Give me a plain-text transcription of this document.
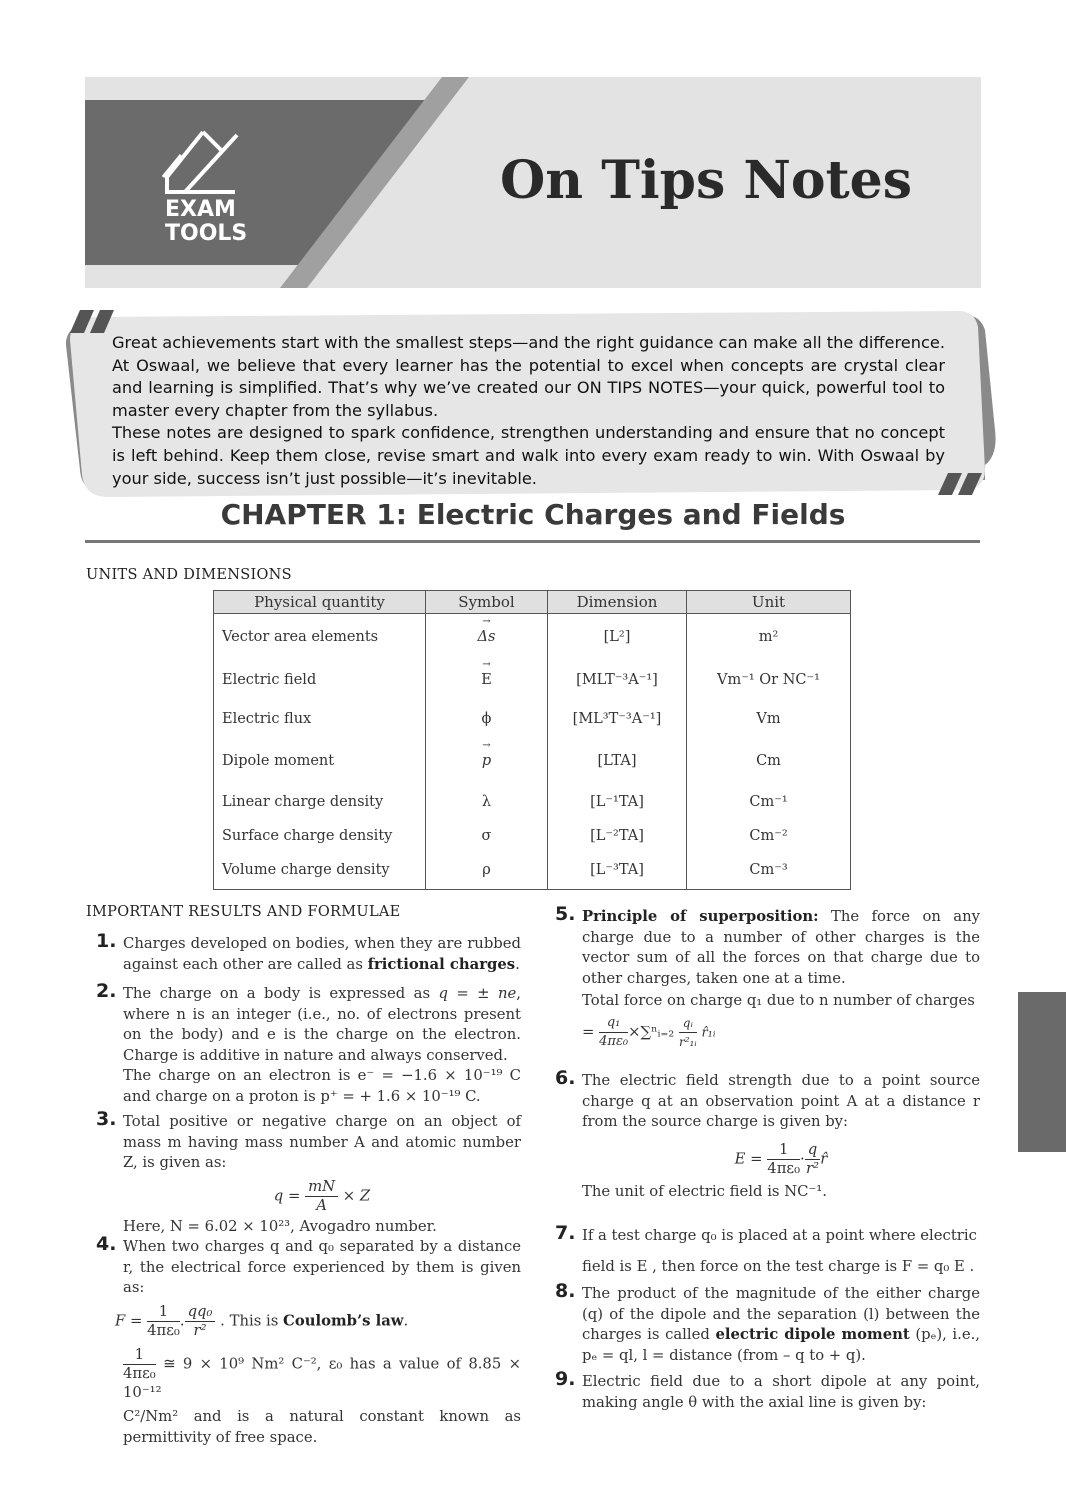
EXAM
TOOLS
On Tips Notes

Great achievements start with the smallest steps—and the right guidance can make all the difference. At Oswaal, we believe that every learner has the potential to excel when concepts are crystal clear and learning is simplified. That’s why we’ve created our ON TIPS NOTES—your quick, powerful tool to master every chapter from the syllabus.

These notes are designed to spark confidence, strengthen understanding and ensure that no concept is left behind. Keep them close, revise smart and walk into every exam ready to win. With Oswaal by your side, success isn’t just possible—it’s inevitable.

CHAPTER 1: Electric Charges and Fields
UNITS AND DIMENSIONS
Physical quantity	Symbol	Dimension	Unit
Vector area elements	→ Δs	[L²]	m²
Electric field	→ E	[MLT⁻³A⁻¹]	Vm⁻¹ Or NC⁻¹
Electric flux	ϕ	[ML³T⁻³A⁻¹]	Vm
Dipole moment	→ p	[LTA]	Cm
Linear charge density	λ	[L⁻¹TA]	Cm⁻¹
Surface charge density	σ	[L⁻²TA]	Cm⁻²
Volume charge density	ρ	[L⁻³TA]	Cm⁻³
IMPORTANT RESULTS AND FORMULAE
1. Charges developed on bodies, when they are rubbed against each other are called as frictional charges.
2. The charge on a body is expressed as q = ± ne, where n is an integer (i.e., no. of electrons present on the body) and e is the charge on the electron. Charge is additive in nature and always conserved.
The charge on an electron is e⁻ = −1.6 × 10⁻¹⁹ C and charge on a proton is p⁺ = + 1.6 × 10⁻¹⁹ C.
3. Total positive or negative charge on an object of mass m having mass number A and atomic number Z, is given as:
$q = \frac{mN}{A} \times Z$
Here, N = 6.02 × 10²³, Avogadro number.
4. When two charges q and q₀ separated by a distance r, the electrical force experienced by them is given as:
$F = \frac{1}{\text{4πε₀}}$ . $\frac{\text{qq₀}}{\text{r²}}$ . This is Coulomb’s law.
$\frac{1}{\text{4πε₀}}$ ≅ 9 × 10⁹ Nm² C⁻², ε₀ has a value of 8.85 × 10⁻¹²
C²/Nm² and is a natural constant known as permittivity of free space.
5. Principle of superposition: The force on any charge due to a number of other charges is the vector sum of all the forces on that charge due to other charges, taken one at a time.
Total force on charge q₁ due to n number of charges
= $\frac{\text{q₁}}{\text{4πε₀}}$ ×∑ⁿᵢ₌₂ $\frac{\text{qᵢ}}{\text{r²₁ᵢ}}$ r̂₁ᵢ
6. The electric field strength due to a point source charge q at an observation point A at a distance r from the source charge is given by:
$E = \frac{1}{\text{4πε₀}} \cdot \frac{q}{\text{r²}}$ r̂
The unit of electric field is NC⁻¹.
7. If a test charge q₀ is placed at a point where electric
field is E , then force on the test charge is F = q₀ E .
8. The product of the magnitude of the either charge (q) of the dipole and the separation (l) between the charges is called electric dipole moment (pₑ), i.e., pₑ = ql, l = distance (from – q to + q).
9. Electric field due to a short dipole at any point, making angle θ with the axial line is given by:
